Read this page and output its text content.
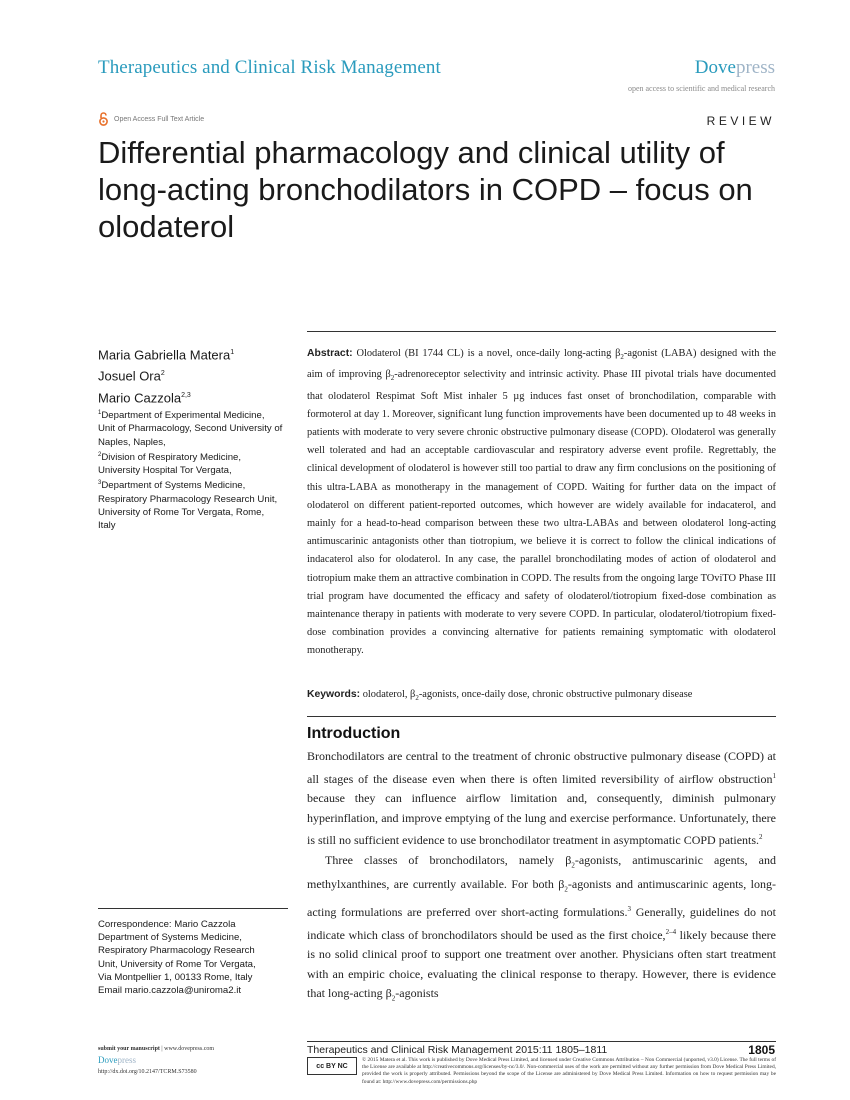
Therapeutics and Clinical Risk Management	Dovepress
open access to scientific and medical research
Open Access Full Text Article	REVIEW
Differential pharmacology and clinical utility of long-acting bronchodilators in COPD – focus on olodaterol
Maria Gabriella Matera$^1$
Josuel Ora$^2$
Mario Cazzola$^{2,3}$
$^1$Department of Experimental Medicine, Unit of Pharmacology, Second University of Naples, Naples,
$^2$Division of Respiratory Medicine, University Hospital Tor Vergata,
$^3$Department of Systems Medicine, Respiratory Pharmacology Research Unit, University of Rome Tor Vergata, Rome, Italy
Correspondence: Mario Cazzola
Department of Systems Medicine,
Respiratory Pharmacology Research
Unit, University of Rome Tor Vergata,
Via Montpellier 1, 00133 Rome, Italy
Email mario.cazzola@uniroma2.it
Abstract: Olodaterol (BI 1744 CL) is a novel, once-daily long-acting $\beta_2$-agonist (LABA) designed with the aim of improving $\beta_2$-adrenoreceptor selectivity and intrinsic activity. Phase III pivotal trials have documented that olodaterol Respimat Soft Mist inhaler 5 µg induces fast onset of bronchodilation, comparable with formoterol at day 1. Moreover, significant lung function improvements have been documented up to 48 weeks in patients with moderate to very severe chronic obstructive pulmonary disease (COPD). Olodaterol was generally well tolerated and had an acceptable cardiovascular and respiratory adverse event profile. Regrettably, the clinical development of olodaterol is however still too partial to draw any firm conclusions on the positioning of this ultra-LABA as monotherapy in the management of COPD. Waiting for further data on the impact of olodaterol on different patient-reported outcomes, which however are widely available for indacaterol, and mainly for a head-to-head comparison between these two ultra-LABAs and between olodaterol long-acting antimuscarinic antagonists other than tiotropium, we believe it is correct to follow the clinical indications of indacaterol also for olodaterol. In any case, the parallel bronchodilating modes of action of olodaterol and tiotropium make them an attractive combination in COPD. The results from the ongoing large TOviTO Phase III trial program have documented the efficacy and safety of olodaterol/tiotropium fixed-dose combination as maintenance therapy in patients with moderate to very severe COPD. In particular, olodaterol/tiotropium fixed-dose combination provides a convincing alternative for patients remaining symptomatic with olodaterol monotherapy.
Keywords: olodaterol, $\beta_2$-agonists, once-daily dose, chronic obstructive pulmonary disease
Introduction

Bronchodilators are central to the treatment of chronic obstructive pulmonary disease (COPD) at all stages of the disease even when there is often limited reversibility of airflow obstruction$^1$ because they can influence airflow limitation and, consequently, diminish pulmonary hyperinflation, and improve emptying of the lung and exercise performance. Unfortunately, there is still no sufficient evidence to use bronchodilator treatment in asymptomatic COPD patients.$^2$

Three classes of bronchodilators, namely $\beta_2$-agonists, antimuscarinic agents, and methylxanthines, are currently available. For both $\beta_2$-agonists and antimuscarinic agents, long-acting formulations are preferred over short-acting formulations.$^3$ Generally, guidelines do not indicate which class of bronchodilators should be used as the first choice,$^{2-4}$ likely because there is no solid clinical proof to support one treatment over another. Physicians often start treatment with an empiric choice, evaluating the clinical response to therapy. However, there is evidence that long-acting $\beta_2$-agonists

submit your manuscript | www.dovepress.com
Dovepress
http://dx.doi.org/10.2147/TCRM.S73580
Therapeutics and Clinical Risk Management 2015:11 1805–1811	1805
cc BY NC
© 2015 Matera et al. This work is published by Dove Medical Press Limited, and licensed under Creative Commons Attribution – Non Commercial (unported, v3.0) License. The full terms of the License are available at http://creativecommons.org/licenses/by-nc/3.0/. Non-commercial uses of the work are permitted without any further permission from Dove Medical Press Limited, provided the work is properly attributed. Permissions beyond the scope of the License are administered by Dove Medical Press Limited. Information on how to request permission may be found at: http://www.dovepress.com/permissions.php
